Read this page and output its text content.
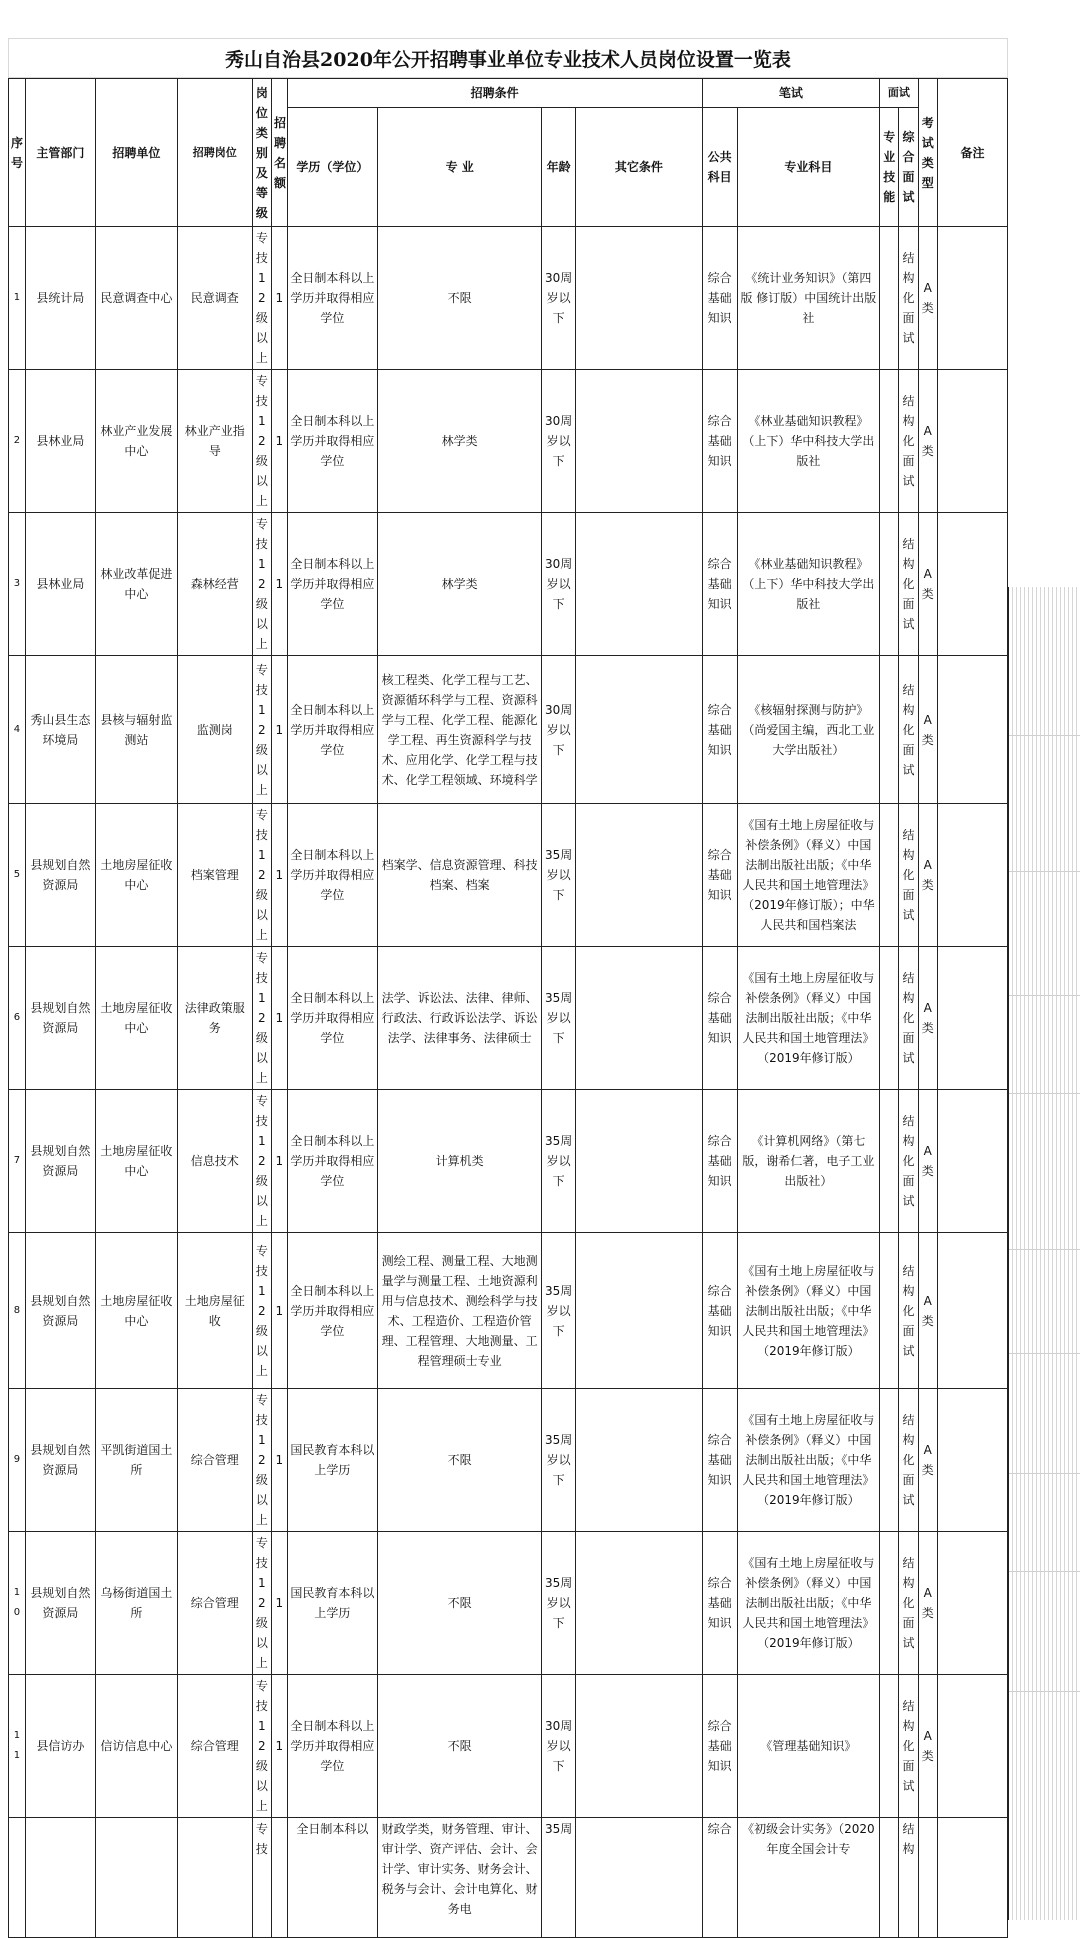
秀山自治县2020年公开招聘事业单位专业技术人员岗位设置一览表
序号	主管部门	招聘单位	招聘岗位	岗位类别及等级	招聘名额	招聘条件				笔试		面试		考试类型	备注
						学历（学位）	专 业	年龄	其它条件	公共科目	专业科目	专业技能	综合面试		
1	县统计局	民意调查中心	民意调查	专技12级以上	1	全日制本科以上学历并取得相应学位	不限	30周岁以下		综合基础知识	《统计业务知识》（第四版 修订版）中国统计出版社		结构化面试	A类	
2	县林业局	林业产业发展中心	林业产业指导	专技12级以上	1	全日制本科以上学历并取得相应学位	林学类	30周岁以下		综合基础知识	《林业基础知识教程》（上下）华中科技大学出版社		结构化面试	A类	
3	县林业局	林业改革促进中心	森林经营	专技12级以上	1	全日制本科以上学历并取得相应学位	林学类	30周岁以下		综合基础知识	《林业基础知识教程》（上下）华中科技大学出版社		结构化面试	A类	
4	秀山县生态环境局	县核与辐射监测站	监测岗	专技12级以上	1	全日制本科以上学历并取得相应学位	核工程类、化学工程与工艺、资源循环科学与工程、资源科学与工程、化学工程、能源化学工程、再生资源科学与技术、应用化学、化学工程与技术、化学工程领域、环境科学	30周岁以下		综合基础知识	《核辐射探测与防护》（尚爱国主编，西北工业大学出版社）		结构化面试	A类	
5	县规划自然资源局	土地房屋征收中心	档案管理	专技12级以上	1	全日制本科以上学历并取得相应学位	档案学、信息资源管理、科技档案、档案	35周岁以下		综合基础知识	《国有土地上房屋征收与补偿条例》（释义）中国法制出版社出版；《中华人民共和国土地管理法》（2019年修订版）；中华人民共和国档案法		结构化面试	A类	
6	县规划自然资源局	土地房屋征收中心	法律政策服务	专技12级以上	1	全日制本科以上学历并取得相应学位	法学、诉讼法、法律、律师、行政法、行政诉讼法学、诉讼法学、法律事务、法律硕士	35周岁以下		综合基础知识	《国有土地上房屋征收与补偿条例》（释义）中国法制出版社出版；《中华人民共和国土地管理法》（2019年修订版）		结构化面试	A类	
7	县规划自然资源局	土地房屋征收中心	信息技术	专技12级以上	1	全日制本科以上学历并取得相应学位	计算机类	35周岁以下		综合基础知识	《计算机网络》（第七版，谢希仁著，电子工业出版社）		结构化面试	A类	
8	县规划自然资源局	土地房屋征收中心	土地房屋征收	专技12级以上	1	全日制本科以上学历并取得相应学位	测绘工程、测量工程、大地测量学与测量工程、土地资源利用与信息技术、测绘科学与技术、工程造价、工程造价管理、工程管理、大地测量、工程管理硕士专业	35周岁以下		综合基础知识	《国有土地上房屋征收与补偿条例》（释义）中国法制出版社出版；《中华人民共和国土地管理法》（2019年修订版）		结构化面试	A类	
9	县规划自然资源局	平凯街道国土所	综合管理	专技12级以上	1	国民教育本科以上学历	不限	35周岁以下		综合基础知识	《国有土地上房屋征收与补偿条例》（释义）中国法制出版社出版；《中华人民共和国土地管理法》（2019年修订版）		结构化面试	A类	
10	县规划自然资源局	乌杨街道国土所	综合管理	专技12级以上	1	国民教育本科以上学历	不限	35周岁以下		综合基础知识	《国有土地上房屋征收与补偿条例》（释义）中国法制出版社出版；《中华人民共和国土地管理法》（2019年修订版）		结构化面试	A类	
11	县信访办	信访信息中心	综合管理	专技12级以上	1	全日制本科以上学历并取得相应学位	不限	30周岁以下		综合基础知识	《管理基础知识》		结构化面试	A类	
				专技		全日制本科以	财政学类，财务管理、审计、审计学、资产评估、会计、会计学、审计实务、财务会计、税务与会计、会计电算化、财务电	35周		综合	《初级会计实务》（2020年度全国会计专		结构		
